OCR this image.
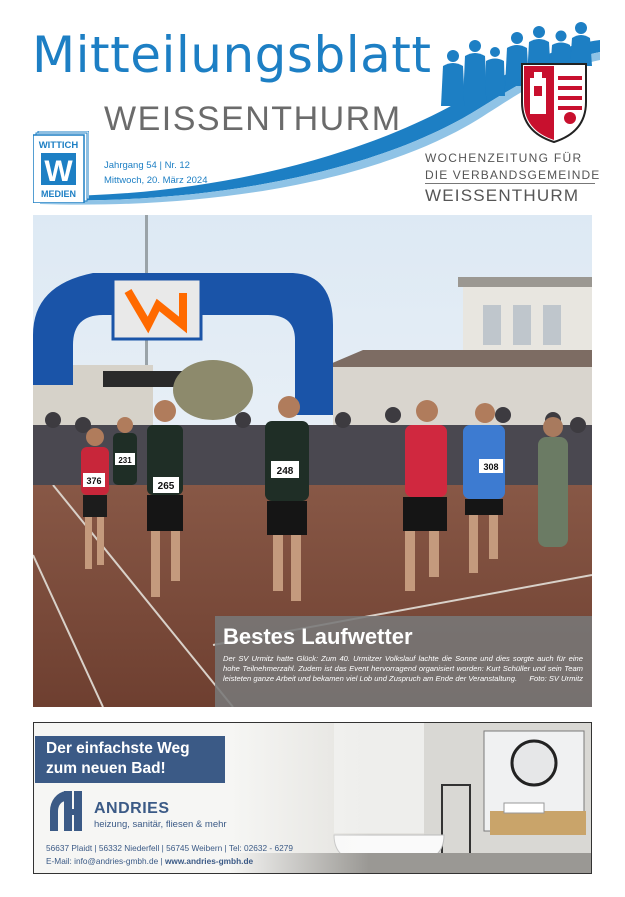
Mitteilungsblatt
WEISSENTHURM
WITTICH
W
MEDIEN
Jahrgang 54 | Nr. 12
Mittwoch, 20. März 2024
WOCHENZEITUNG FÜR
DIE VERBANDSGEMEINDE
WEISSENTHURM
376	265
231
248	308
Bestes Laufwetter
Der SV Urmitz hatte Glück: Zum 40. Urmitzer Volkslauf lachte die Sonne und dies sorgte auch für eine hohe Teilnehmerzahl. Zudem ist das Event hervorragend organisiert worden: Kurt Schüller und sein Team leisteten ganze Arbeit und bekamen viel Lob und Zuspruch am Ende der Veranstaltung. Foto: SV Urmitz
Der einfachste Weg
zum neuen Bad!
ANDRIES
heizung, sanitär, fliesen & mehr
56637 Plaidt | 56332 Niederfell | 56745 Weibern | Tel: 02632 - 6279
E-Mail: info@andries-gmbh.de | www.andries-gmbh.de
